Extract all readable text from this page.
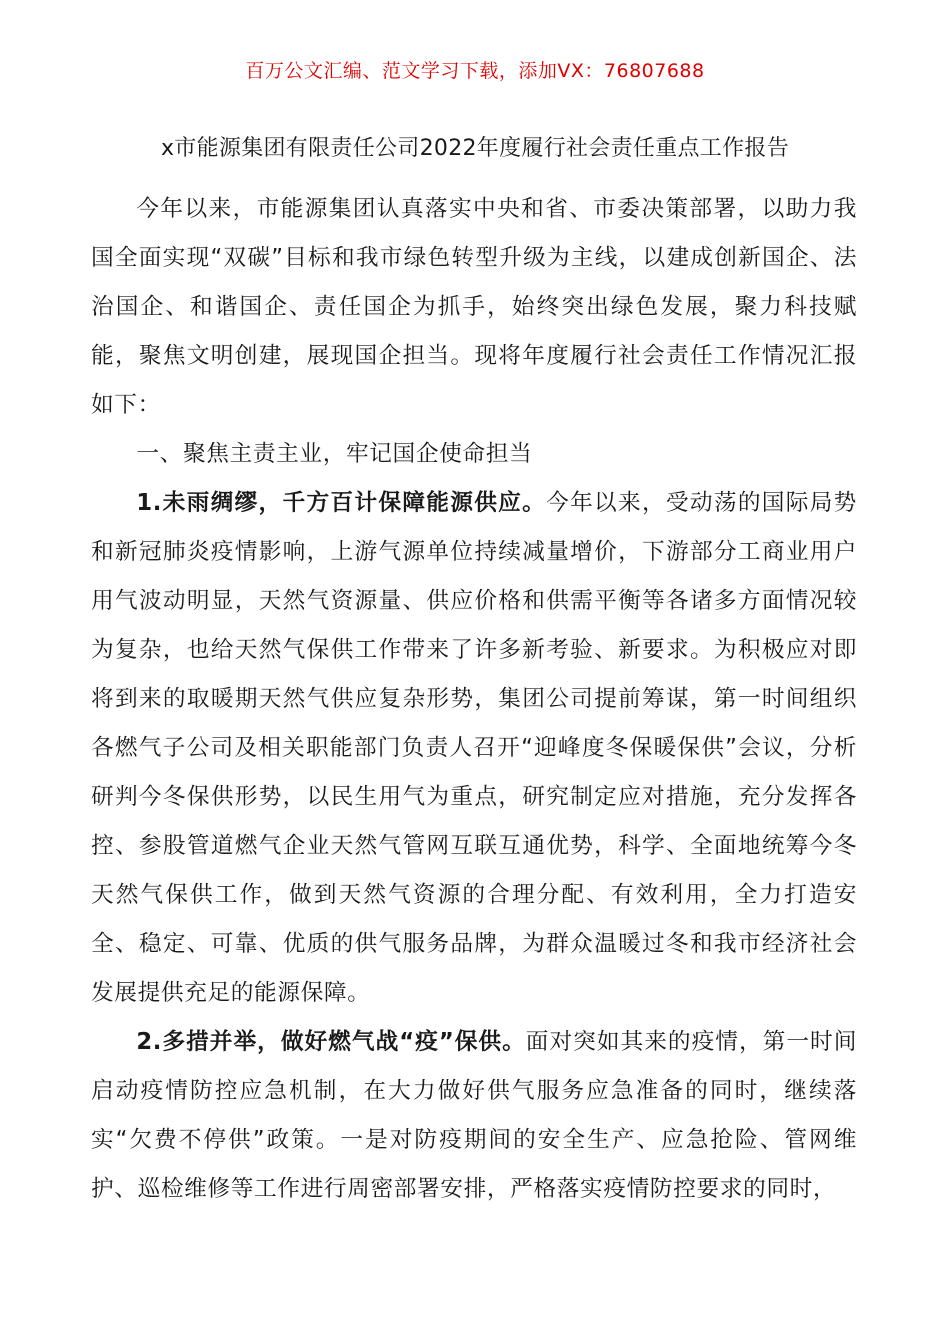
百万公文汇编、范文学习下载，添加VX：76807688
x市能源集团有限责任公司2022年度履行社会责任重点工作报告

今年以来，市能源集团认真落实中央和省、市委决策部署，以助力我国全面实现“双碳”目标和我市绿色转型升级为主线，以建成创新国企、法治国企、和谐国企、责任国企为抓手，始终突出绿色发展，聚力科技赋能，聚焦文明创建，展现国企担当。现将年度履行社会责任工作情况汇报如下：

一、聚焦主责主业，牢记国企使命担当

1.未雨绸缪，千方百计保障能源供应。今年以来，受动荡的国际局势和新冠肺炎疫情影响，上游气源单位持续减量增价，下游部分工商业用户用气波动明显，天然气资源量、供应价格和供需平衡等各诸多方面情况较为复杂，也给天然气保供工作带来了许多新考验、新要求。为积极应对即将到来的取暖期天然气供应复杂形势，集团公司提前筹谋，第一时间组织各燃气子公司及相关职能部门负责人召开“迎峰度冬保暖保供”会议，分析研判今冬保供形势，以民生用气为重点，研究制定应对措施，充分发挥各控、参股管道燃气企业天然气管网互联互通优势，科学、全面地统筹今冬天然气保供工作，做到天然气资源的合理分配、有效利用，全力打造安全、稳定、可靠、优质的供气服务品牌，为群众温暖过冬和我市经济社会发展提供充足的能源保障。

2.多措并举，做好燃气战“疫”保供。面对突如其来的疫情，第一时间启动疫情防控应急机制，在大力做好供气服务应急准备的同时，继续落实“欠费不停供”政策。一是对防疫期间的安全生产、应急抢险、管网维护、巡检维修等工作进行周密部署安排，严格落实疫情防控要求的同时，
